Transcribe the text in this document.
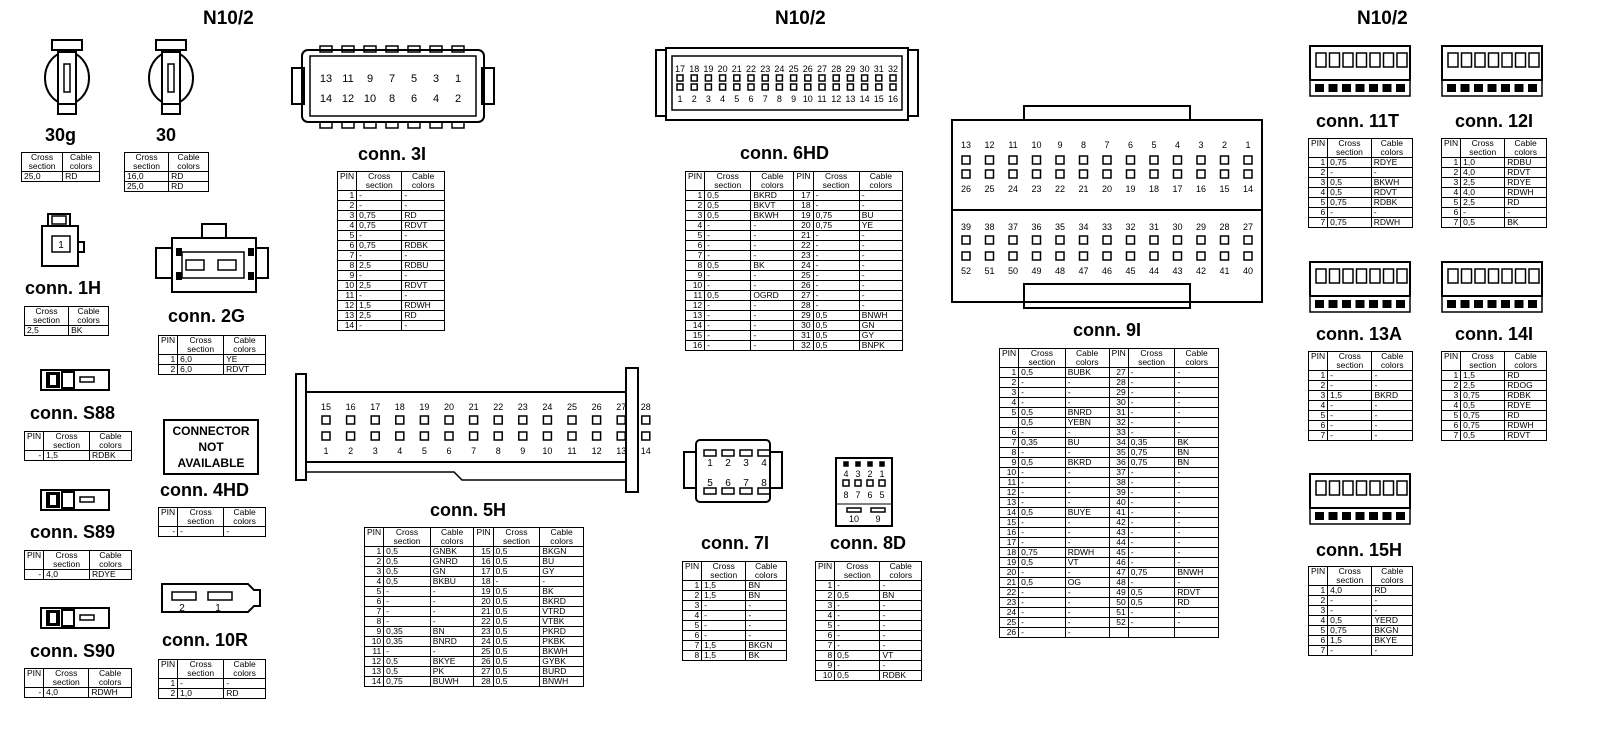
N10/2	N10/2	N10/2
30g	30
Cross section	Cable colors
25,0	RD
Cross section	Cable colors
16,0	RD
25,0	RD
1
conn. 1H
Cross section	Cable colors
2,5	BK
conn. S88
PIN	Cross section	Cable colors
-	1,5	RDBK
conn. S89
PIN	Cross section	Cable colors
-	4,0	RDYE
conn. S90
PIN	Cross section	Cable colors
-	4,0	RDWH
conn. 2G
PIN	Cross section	Cable colors
1	6,0	YE
2	6,0	RDVT
CONNECTOR
NOT
AVAILABLE
conn. 4HD
PIN	Cross section	Cable colors
-	-	-
2	1
conn. 10R
PIN	Cross section	Cable colors
1	-	-
2	1,0	RD
13 11 9 7 5 3 1
14 12 10 8 6 4 2
conn. 3I
PIN	Cross section	Cable colors
1	-	-
2	-	-
3	0,75	RD
4	0,75	RDVT
5	-	-
6	0,75	RDBK
7	-	-
8	2,5	RDBU
9	-	-
10	2,5	RDVT
11	-	-
12	1,5	RDWH
13	2,5	RD
14	-	-
15 16 17 18 19 20 21 22 23 24 25 26 27 28
1 2 3 4 5 6 7 8 9 10 11 12 13 14
conn. 5H
PIN	Cross section	Cable colors	PIN	Cross section	Cable colors
1	0,5	GNBK	15	0,5	BKGN
2	0,5	GNRD	16	0,5	BU
3	0,5	GN	17	0,5	GY
4	0,5	BKBU	18	-	-
5	-	-	19	0,5	BK
6	-	-	20	0,5	BKRD
7	-	-	21	0,5	VTRD
8	-	-	22	0,5	VTBK
9	0,35	BN	23	0,5	PKRD
10	0,35	BNRD	24	0,5	PKBK
11	-	-	25	0,5	BKWH
12	0,5	BKYE	26	0,5	GYBK
13	0,5	PK	27	0,5	BURD
14	0,75	BUWH	28	0,5	BNWH
17 18 19 20 21 22 23 24 25 26 27 28 29 30 31 32
1 2 3 4 5 6 7 8 9 10 11 12 13 14 15 16
conn. 6HD
PIN	Cross section	Cable colors	PIN	Cross section	Cable colors
1	0,5	BKRD	17	-	-
2	0,5	BKVT	18	-	-
3	0,5	BKWH	19	0,75	BU
4	-	-	20	0,75	YE
5	-	-	21	-	-
6	-	-	22	-	-
7	-	-	23	-	-
8	0,5	BK	24	-	-
9	-	-	25	-	-
10	-	-	26	-	-
11	0,5	OGRD	27	-	-
12	-	-	28	-	-
13	-	-	29	0,5	BNWH
14	-	-	30	0,5	GN
15	-	-	31	0,5	GY
16	-	-	32	0,5	BNPK
1 2 3 4
5 6 7 8
conn. 7I
PIN	Cross section	Cable colors
1	1,5	BN
2	1,5	BN
3	-	-
4	-	-
5	-	-
6	-	-
7	1,5	BKGN
8	1,5	BK
4 3 2 1
8 7 6 5
10 9
conn. 8D
PIN	Cross section	Cable colors
1	-	-
2	0,5	BN
3	-	-
4	-	-
5	-	-
6	-	-
7	-	-
8	0,5	VT
9	-	-
10	0,5	RDBK
13 12 11 10 9 8 7 6 5 4 3 2 1
26 25 24 23 22 21 20 19 18 17 16 15 14
39 38 37 36 35 34 33 32 31 30 29 28 27
52 51 50 49 48 47 46 45 44 43 42 41 40
conn. 9I
PIN	Cross section	Cable colors	PIN	Cross section	Cable colors
1	0,5	BUBK	27	-	-
2	-	-	28	-	-
3	-	-	29	-	-
4	-	-	30	-	-
5	0,5	BNRD	31	-	-
	0,5	YEBN	32	-	-
6	-	-	33	-	-
7	0,35	BU	34	0,35	BK
8	-	-	35	0,75	BN
9	0,5	BKRD	36	0,75	BN
10	-	-	37	-	-
11	-	-	38	-	-
12	-	-	39	-	-
13	-	-	40	-	-
14	0,5	BUYE	41	-	-
15	-	-	42	-	-
16	-	-	43	-	-
17	-	-	44	-	-
18	0,75	RDWH	45	-	-
19	0,5	VT	46	-	-
20	-	-	47	0,75	BNWH
21	0,5	OG	48	-	-
22	-	-	49	0,5	RDVT
23	-	-	50	0,5	RD
24	-	-	51	-	-
25	-	-	52	-	-
26	-	-			
conn. 11T
PIN	Cross section	Cable colors
1	0,75	RDYE
2	-	-
3	0,5	BKWH
4	0,5	RDVT
5	0,75	RDBK
6	-	-
7	0,75	RDWH
conn. 12I
PIN	Cross section	Cable colors
1	1,0	RDBU
2	4,0	RDVT
3	2,5	RDYE
4	4,0	RDWH
5	2,5	RD
6	-	-
7	0,5	BK
conn. 13A
PIN	Cross section	Cable colors
1	-	-
2	-	-
3	1,5	BKRD
4	-	-
5	-	-
6	-	-
7	-	-
conn. 14I
PIN	Cross section	Cable colors
1	1,5	RD
2	2,5	RDOG
3	0,75	RDBK
4	0,5	RDYE
5	0,75	RD
6	0,75	RDWH
7	0,5	RDVT
conn. 15H
PIN	Cross section	Cable colors
1	4,0	RD
2	-	-
3	-	-
4	0,5	YERD
5	0,75	BKGN
6	1,5	BKYE
7	-	-
